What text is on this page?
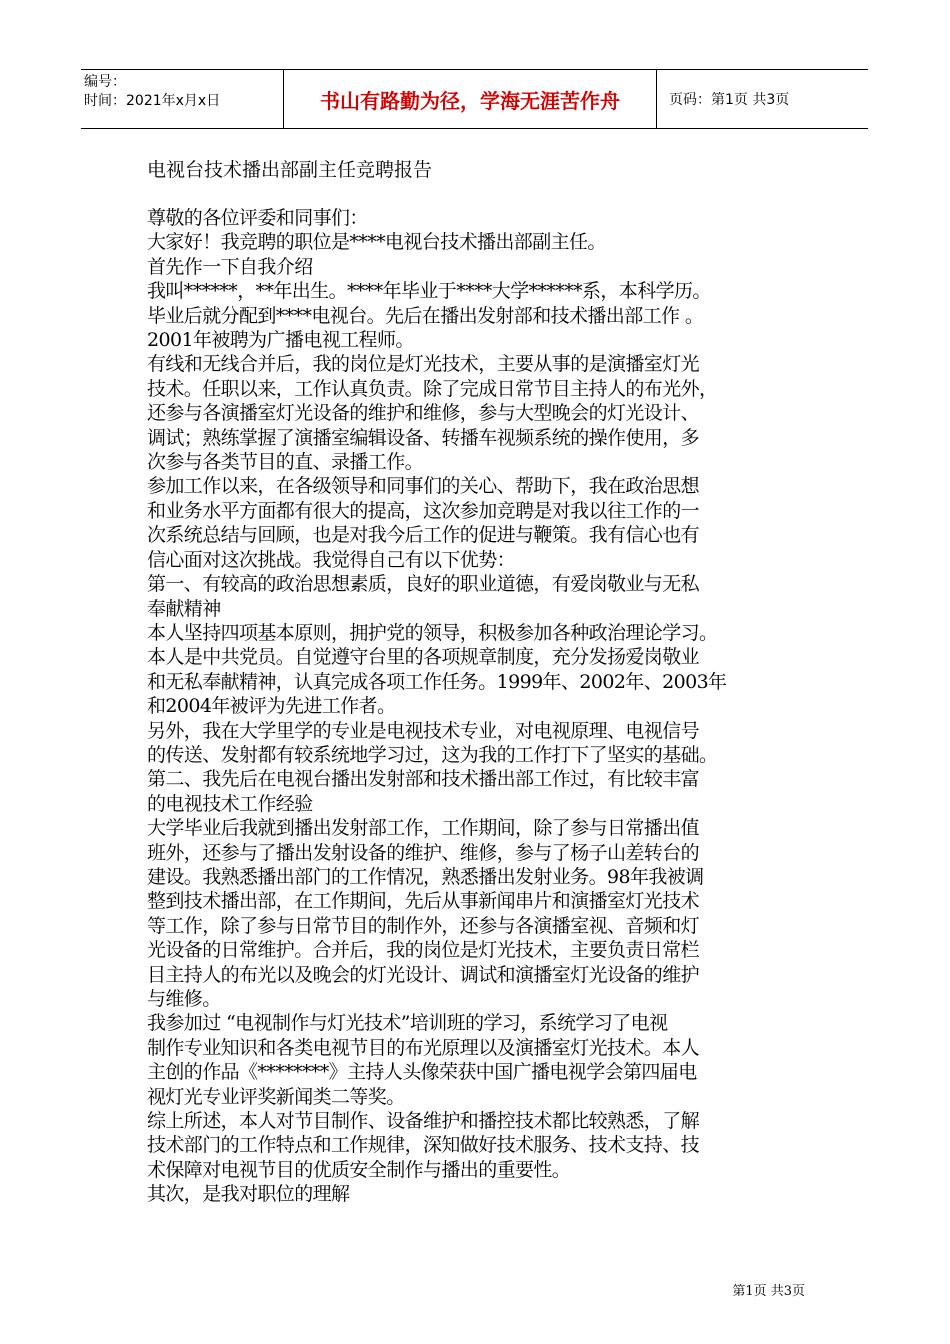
编号：
时间：2021年x月x日	书山有路勤为径，学海无涯苦作舟	页码：第1页 共3页
电视台技术播出部副主任竞聘报告

尊敬的各位评委和同事们：

大家好！我竞聘的职位是****电视台技术播出部副主任。

首先作一下自我介绍

我叫******，**年出生。****年毕业于****大学******系，本科学历。

毕业后就分配到****电视台。先后在播出发射部和技术播出部工作 。

2001年被聘为广播电视工程师。

有线和无线合并后，我的岗位是灯光技术，主要从事的是演播室灯光

技术。任职以来，工作认真负责。除了完成日常节目主持人的布光外，

还参与各演播室灯光设备的维护和维修，参与大型晚会的灯光设计、

调试；熟练掌握了演播室编辑设备、转播车视频系统的操作使用，多

次参与各类节目的直、录播工作。

参加工作以来，在各级领导和同事们的关心、帮助下，我在政治思想

和业务水平方面都有很大的提高，这次参加竞聘是对我以往工作的一

次系统总结与回顾，也是对我今后工作的促进与鞭策。我有信心也有

信心面对这次挑战。我觉得自己有以下优势：

第一、有较高的政治思想素质，良好的职业道德，有爱岗敬业与无私

奉献精神

本人坚持四项基本原则，拥护党的领导，积极参加各种政治理论学习。

本人是中共党员。自觉遵守台里的各项规章制度，充分发扬爱岗敬业

和无私奉献精神，认真完成各项工作任务。1999年、2002年、2003年

和2004年被评为先进工作者。

另外，我在大学里学的专业是电视技术专业，对电视原理、电视信号

的传送、发射都有较系统地学习过，这为我的工作打下了坚实的基础。

第二、我先后在电视台播出发射部和技术播出部工作过，有比较丰富

的电视技术工作经验

大学毕业后我就到播出发射部工作，工作期间，除了参与日常播出值

班外，还参与了播出发射设备的维护、维修，参与了杨子山差转台的

建设。我熟悉播出部门的工作情况，熟悉播出发射业务。98年我被调

整到技术播出部，在工作期间，先后从事新闻串片和演播室灯光技术

等工作，除了参与日常节目的制作外，还参与各演播室视、音频和灯

光设备的日常维护。合并后，我的岗位是灯光技术，主要负责日常栏

目主持人的布光以及晚会的灯光设计、调试和演播室灯光设备的维护

与维修。

我参加过 “电视制作与灯光技术”培训班的学习，系统学习了电视

制作专业知识和各类电视节目的布光原理以及演播室灯光技术。本人

主创的作品《********》主持人头像荣获中国广播电视学会第四届电

视灯光专业评奖新闻类二等奖。

综上所述，本人对节目制作、设备维护和播控技术都比较熟悉，了解

技术部门的工作特点和工作规律，深知做好技术服务、技术支持、技

术保障对电视节目的优质安全制作与播出的重要性。

其次，是我对职位的理解

第1页 共3页
